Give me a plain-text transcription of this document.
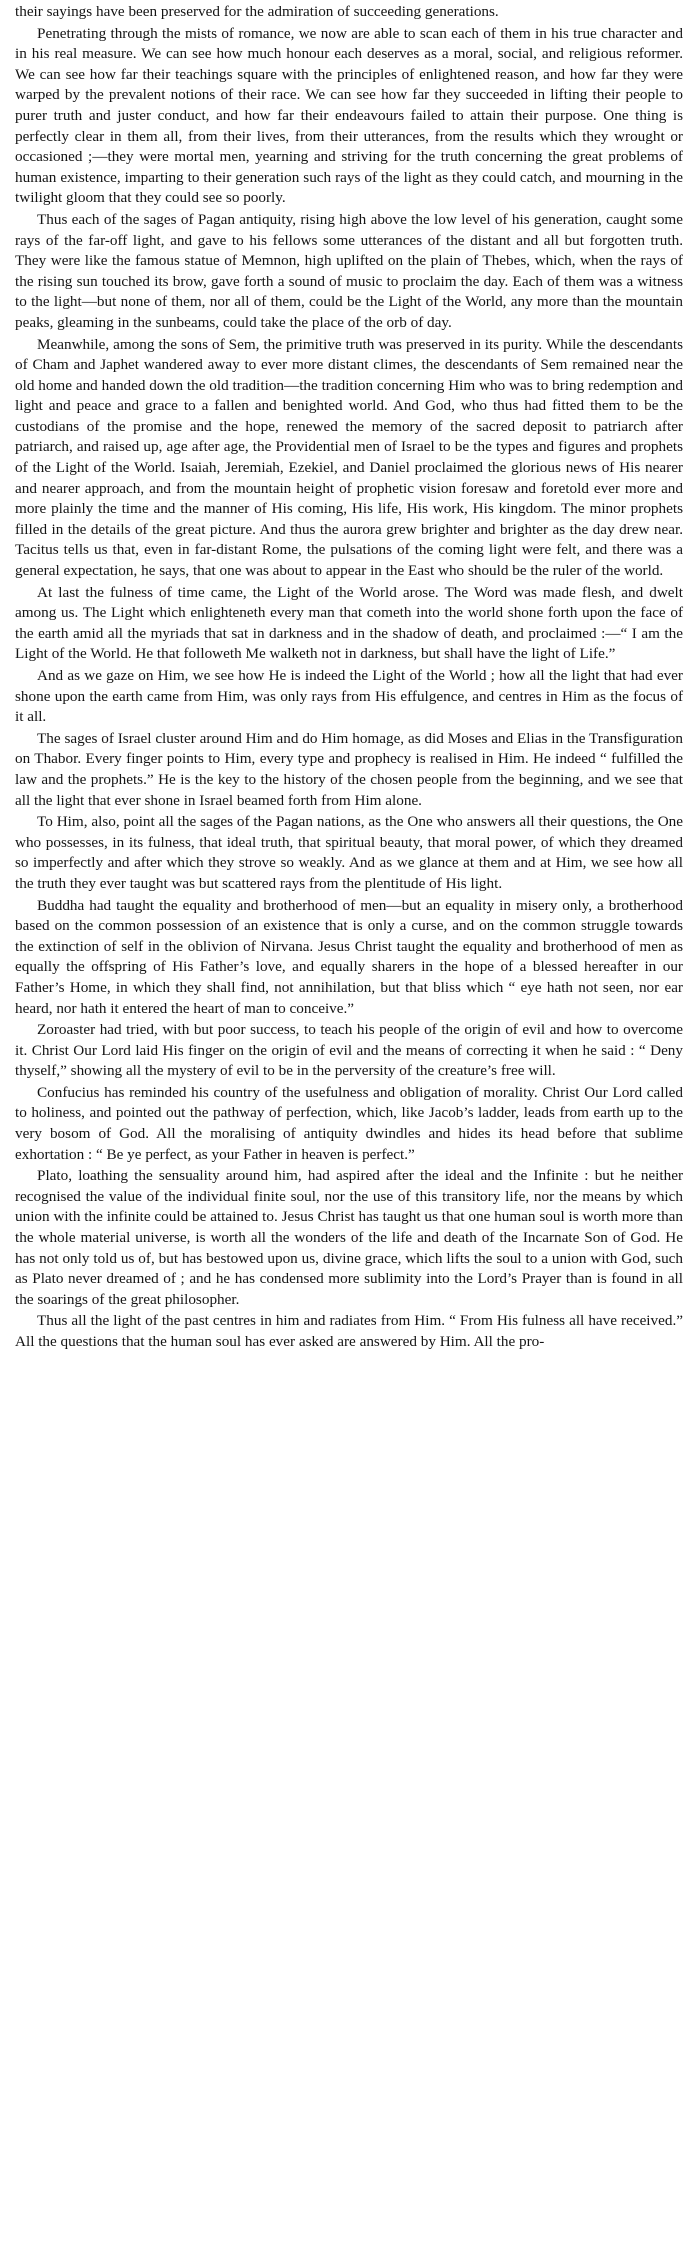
their sayings have been preserved for the admiration of succeeding generations.

Penetrating through the mists of romance, we now are able to scan each of them in his true character and in his real measure. We can see how much honour each deserves as a moral, social, and religious reformer. We can see how far their teachings square with the principles of enlightened reason, and how far they were warped by the prevalent notions of their race. We can see how far they succeeded in lifting their people to purer truth and juster conduct, and how far their endeavours failed to attain their purpose. One thing is perfectly clear in them all, from their lives, from their utterances, from the results which they wrought or occasioned ;—they were mortal men, yearning and striving for the truth concerning the great problems of human existence, imparting to their generation such rays of the light as they could catch, and mourning in the twilight gloom that they could see so poorly.

Thus each of the sages of Pagan antiquity, rising high above the low level of his generation, caught some rays of the far-off light, and gave to his fellows some utterances of the distant and all but forgotten truth. They were like the famous statue of Memnon, high uplifted on the plain of Thebes, which, when the rays of the rising sun touched its brow, gave forth a sound of music to proclaim the day. Each of them was a witness to the light—but none of them, nor all of them, could be the Light of the World, any more than the mountain peaks, gleaming in the sunbeams, could take the place of the orb of day.

Meanwhile, among the sons of Sem, the primitive truth was preserved in its purity. While the descendants of Cham and Japhet wandered away to ever more distant climes, the descendants of Sem remained near the old home and handed down the old tradition—the tradition concerning Him who was to bring redemption and light and peace and grace to a fallen and benighted world. And God, who thus had fitted them to be the custodians of the promise and the hope, renewed the memory of the sacred deposit to patriarch after patriarch, and raised up, age after age, the Providential men of Israel to be the types and figures and prophets of the Light of the World. Isaiah, Jeremiah, Ezekiel, and Daniel proclaimed the glorious news of His nearer and nearer approach, and from the mountain height of prophetic vision foresaw and foretold ever more and more plainly the time and the manner of His coming, His life, His work, His kingdom. The minor prophets filled in the details of the great picture. And thus the aurora grew brighter and brighter as the day drew near. Tacitus tells us that, even in far-distant Rome, the pulsations of the coming light were felt, and there was a general expectation, he says, that one was about to appear in the East who should be the ruler of the world.

At last the fulness of time came, the Light of the World arose. The Word was made flesh, and dwelt among us. The Light which enlighteneth every man that cometh into the world shone forth upon the face of the earth amid all the myriads that sat in darkness and in the shadow of death, and proclaimed :—“ I am the Light of the World. He that followeth Me walketh not in darkness, but shall have the light of Life.”

And as we gaze on Him, we see how He is indeed the Light of the World ; how all the light that had ever shone upon the earth came from Him, was only rays from His effulgence, and centres in Him as the focus of it all.

The sages of Israel cluster around Him and do Him homage, as did Moses and Elias in the Transfiguration on Thabor. Every finger points to Him, every type and prophecy is realised in Him. He indeed “ fulfilled the law and the prophets.” He is the key to the history of the chosen people from the beginning, and we see that all the light that ever shone in Israel beamed forth from Him alone.

To Him, also, point all the sages of the Pagan nations, as the One who answers all their questions, the One who possesses, in its fulness, that ideal truth, that spiritual beauty, that moral power, of which they dreamed so imperfectly and after which they strove so weakly. And as we glance at them and at Him, we see how all the truth they ever taught was but scattered rays from the plentitude of His light.

Buddha had taught the equality and brotherhood of men—but an equality in misery only, a brotherhood based on the common possession of an existence that is only a curse, and on the common struggle towards the extinction of self in the oblivion of Nirvana. Jesus Christ taught the equality and brotherhood of men as equally the offspring of His Father’s love, and equally sharers in the hope of a blessed hereafter in our Father’s Home, in which they shall find, not annihilation, but that bliss which “ eye hath not seen, nor ear heard, nor hath it entered the heart of man to conceive.”

Zoroaster had tried, with but poor success, to teach his people of the origin of evil and how to overcome it. Christ Our Lord laid His finger on the origin of evil and the means of correcting it when he said : “ Deny thyself,” showing all the mystery of evil to be in the perversity of the creature’s free will.

Confucius has reminded his country of the usefulness and obligation of morality. Christ Our Lord called to holiness, and pointed out the pathway of perfection, which, like Jacob’s ladder, leads from earth up to the very bosom of God. All the moralising of antiquity dwindles and hides its head before that sublime exhortation : “ Be ye perfect, as your Father in heaven is perfect.”

Plato, loathing the sensuality around him, had aspired after the ideal and the Infinite : but he neither recognised the value of the individual finite soul, nor the use of this transitory life, nor the means by which union with the infinite could be attained to. Jesus Christ has taught us that one human soul is worth more than the whole material universe, is worth all the wonders of the life and death of the Incarnate Son of God. He has not only told us of, but has bestowed upon us, divine grace, which lifts the soul to a union with God, such as Plato never dreamed of ; and he has condensed more sublimity into the Lord’s Prayer than is found in all the soarings of the great philosopher.

Thus all the light of the past centres in him and radiates from Him. “ From His fulness all have received.” All the questions that the human soul has ever asked are answered by Him. All the pro-
